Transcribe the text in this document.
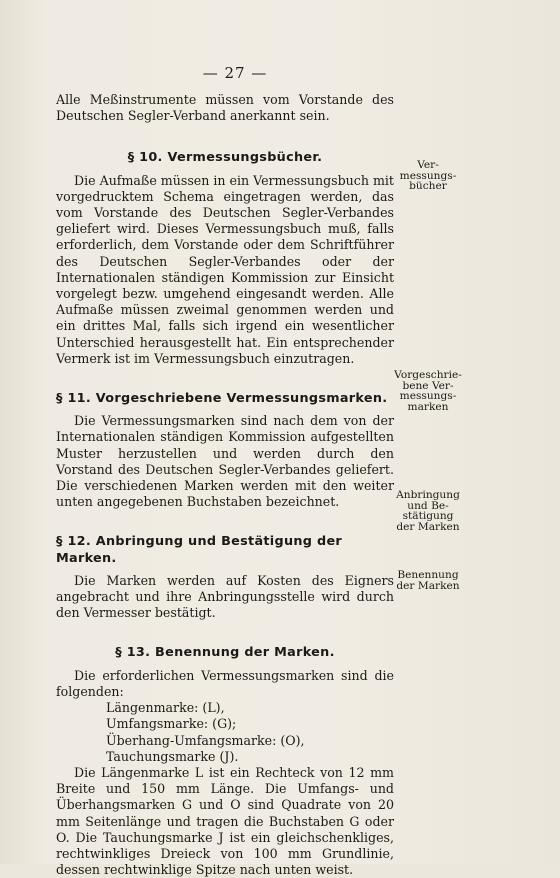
— 27 —

Alle Meßinstrumente müssen vom Vorstande des Deutschen Segler-Verband anerkannt sein.

§ 10. Vermessungsbücher.

Die Aufmaße müssen in ein Vermessungsbuch mit vorgedrucktem Schema eingetragen werden, das vom Vorstande des Deutschen Segler-Verbandes geliefert wird. Dieses Vermessungsbuch muß, falls erforderlich, dem Vorstande oder dem Schriftführer des Deutschen Segler-Verbandes oder der Internationalen ständigen Kommission zur Einsicht vorgelegt bezw. umgehend eingesandt werden. Alle Aufmaße müssen zweimal genommen werden und ein drittes Mal, falls sich irgend ein wesentlicher Unterschied herausgestellt hat. Ein entsprechender Vermerk ist im Vermessungsbuch einzutragen.

§ 11. Vorgeschriebene Vermessungsmarken.

Die Vermessungsmarken sind nach dem von der Internationalen ständigen Kommission aufgestellten Muster herzustellen und werden durch den Vorstand des Deutschen Segler-Verbandes geliefert. Die verschiedenen Marken werden mit den weiter unten angegebenen Buchstaben bezeichnet.

§ 12. Anbringung und Bestätigung der Marken.

Die Marken werden auf Kosten des Eigners angebracht und ihre Anbringungsstelle wird durch den Vermesser bestätigt.

§ 13. Benennung der Marken.

Die erforderlichen Vermessungsmarken sind die folgenden:

Längenmarke: (L),
Umfangsmarke: (G);
Überhang-Umfangsmarke: (O),
Tauchungsmarke (J).

Die Längenmarke L ist ein Rechteck von 12 mm Breite und 150 mm Länge. Die Umfangs- und Überhangsmarken G und O sind Quadrate von 20 mm Seitenlänge und tragen die Buchstaben G oder O. Die Tauchungsmarke J ist ein gleichschenkliges, rechtwinkliges Dreieck von 100 mm Grundlinie, dessen rechtwinklige Spitze nach unten weist.

Ver-
messungs-
bücher
Vorgeschrie-
bene Ver-
messungs-
marken
Anbringung
und Be-
stätigung
der Marken
Benennung
der Marken
